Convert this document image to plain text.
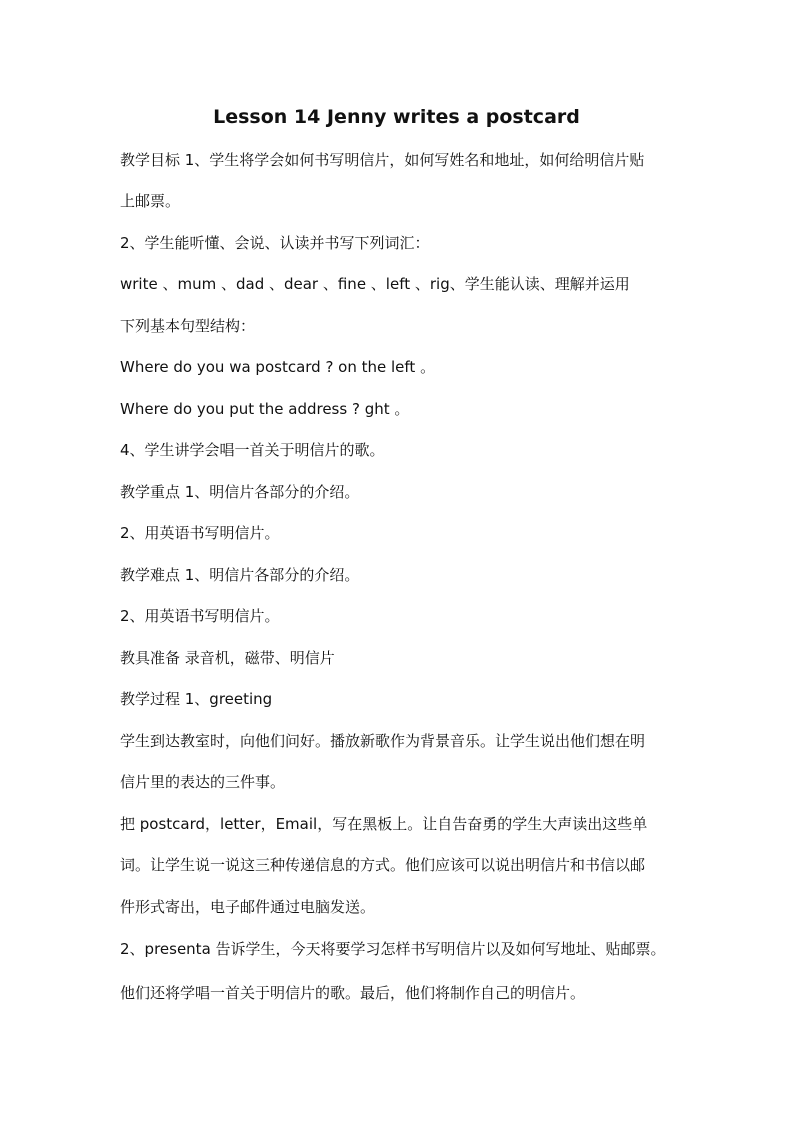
Lesson 14 Jenny writes a postcard
教学目标 1、学生将学会如何书写明信片，如何写姓名和地址，如何给明信片贴
上邮票。
2、学生能听懂、会说、认读并书写下列词汇：
write 、mum 、dad 、dear 、fine 、left 、rig、学生能认读、理解并运用
下列基本句型结构：
Where do you wa postcard ? on the left 。
Where do you put the address ? ght 。
4、学生讲学会唱一首关于明信片的歌。
教学重点 1、明信片各部分的介绍。
2、用英语书写明信片。
教学难点 1、明信片各部分的介绍。
2、用英语书写明信片。
教具准备 录音机，磁带、明信片
教学过程 1、greeting
学生到达教室时，向他们问好。播放新歌作为背景音乐。让学生说出他们想在明
信片里的表达的三件事。
把 postcard，letter，Email，写在黑板上。让自告奋勇的学生大声读出这些单
词。让学生说一说这三种传递信息的方式。他们应该可以说出明信片和书信以邮
件形式寄出，电子邮件通过电脑发送。
2、presenta 告诉学生，今天将要学习怎样书写明信片以及如何写地址、贴邮票。
他们还将学唱一首关于明信片的歌。最后，他们将制作自己的明信片。
